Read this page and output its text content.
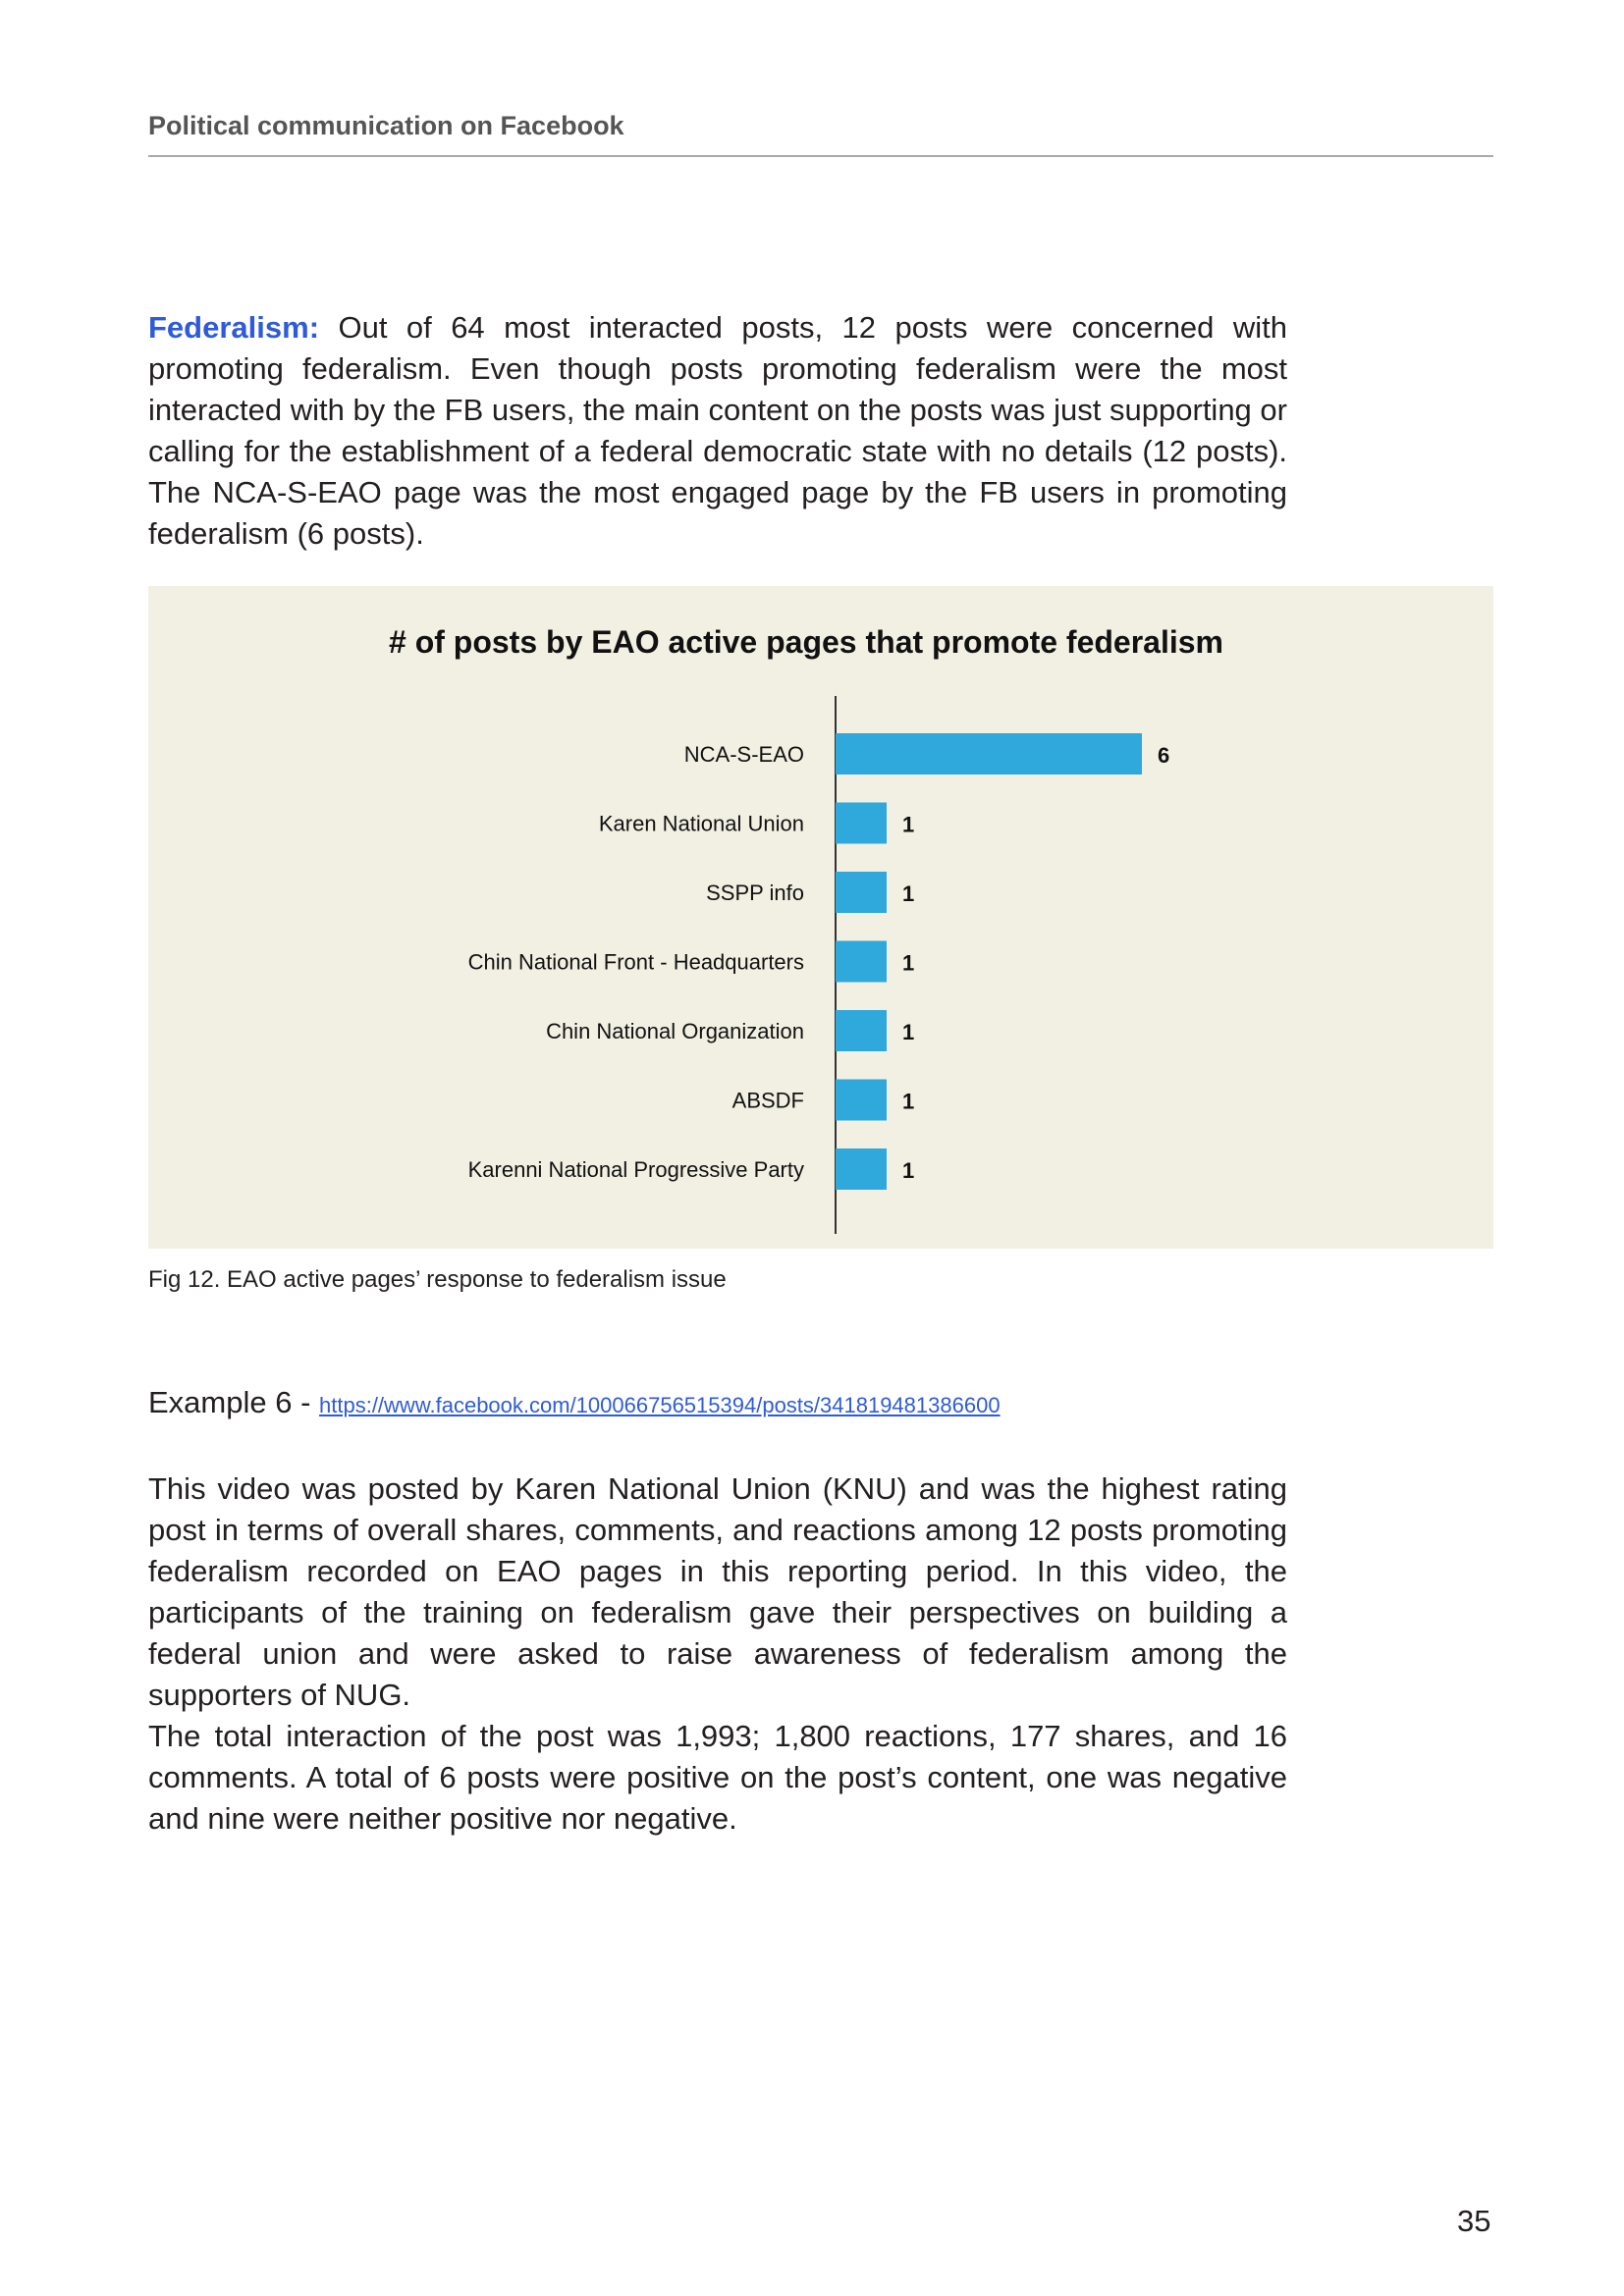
Political communication on Facebook

Federalism: Out of 64 most interacted posts, 12 posts were concerned with promoting federalism. Even though posts promoting federalism were the most interacted with by the FB users, the main content on the posts was just supporting or calling for the establishment of a federal democratic state with no details (12 posts). The NCA-S-EAO page was the most engaged page by the FB users in promoting federalism (6 posts).

# of posts by EAO active pages that promote federalism
NCA-S-EAO	6
Karen National Union	1
SSPP info	1
Chin National Front - Headquarters	1
Chin National Organization	1
ABSDF	1
Karenni National Progressive Party	1
Fig 12. EAO active pages’ response to federalism issue
Example 6 - https://www.facebook.com/100066756515394/posts/341819481386600

This video was posted by Karen National Union (KNU) and was the highest rating post in terms of overall shares, comments, and reactions among 12 posts promoting federalism recorded on EAO pages in this reporting period. In this video, the participants of the training on federalism gave their perspectives on building a federal union and were asked to raise awareness of federalism among the supporters of NUG.

The total interaction of the post was 1,993; 1,800 reactions, 177 shares, and 16 comments. A total of 6 posts were positive on the post’s content, one was negative and nine were neither positive nor negative.

35
